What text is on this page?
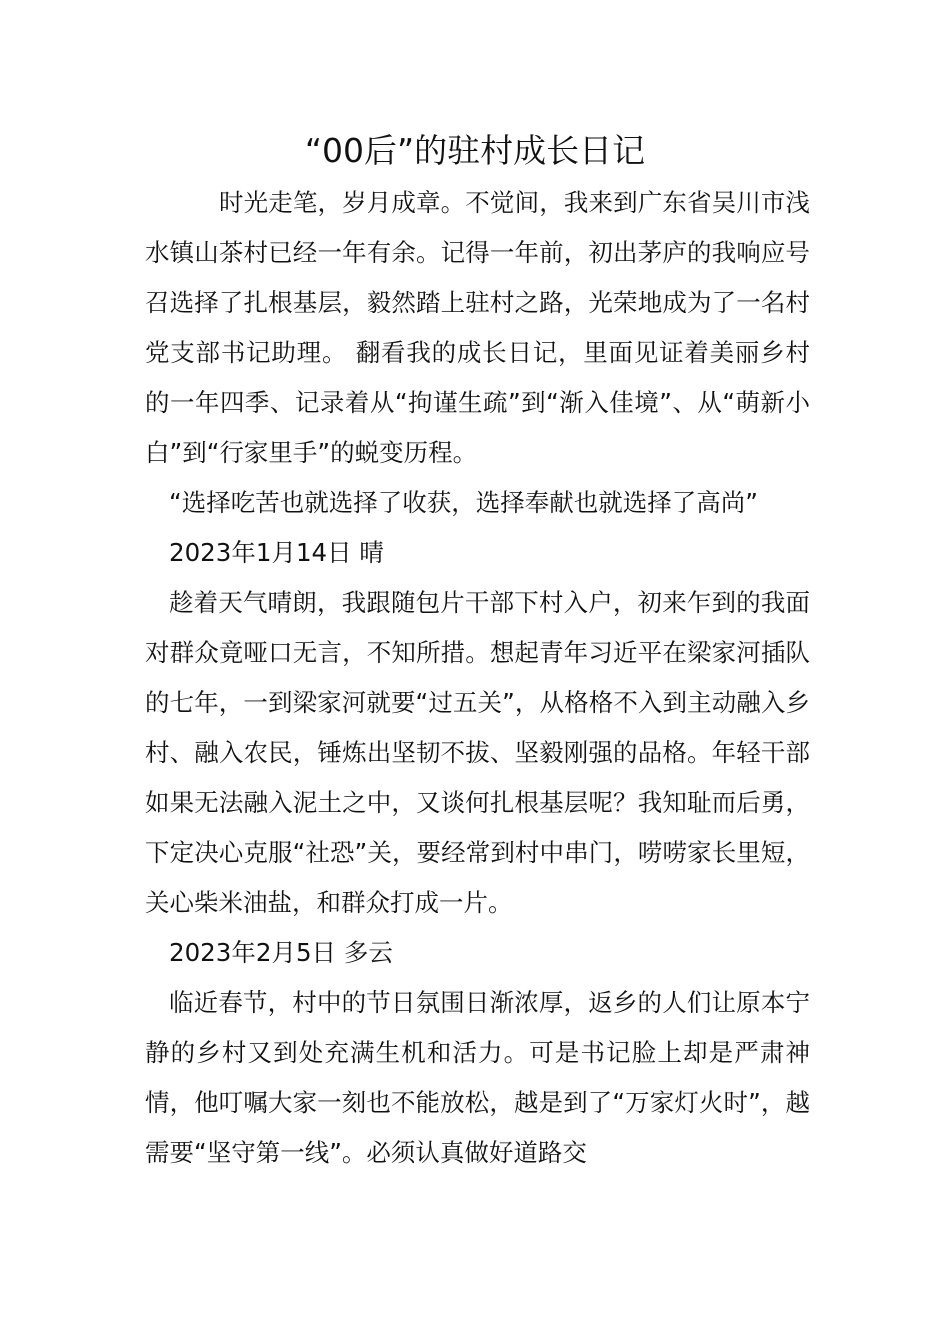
“00后”的驻村成长日记

时光走笔，岁月成章。不觉间，我来到广东省吴川市浅水镇山茶村已经一年有余。记得一年前，初出茅庐的我响应号召选择了扎根基层，毅然踏上驻村之路，光荣地成为了一名村党支部书记助理。 翻看我的成长日记，里面见证着美丽乡村的一年四季、记录着从“拘谨生疏”到“渐入佳境”、从“萌新小白”到“行家里手”的蜕变历程。

“选择吃苦也就选择了收获，选择奉献也就选择了高尚”

2023年1月14日 晴

趁着天气晴朗，我跟随包片干部下村入户，初来乍到的我面对群众竟哑口无言，不知所措。想起青年习近平在梁家河插队的七年，一到梁家河就要“过五关”，从格格不入到主动融入乡村、融入农民，锤炼出坚韧不拔、坚毅刚强的品格。年轻干部如果无法融入泥土之中，又谈何扎根基层呢？我知耻而后勇，下定决心克服“社恐”关，要经常到村中串门，唠唠家长里短，关心柴米油盐，和群众打成一片。

2023年2月5日 多云

临近春节，村中的节日氛围日渐浓厚，返乡的人们让原本宁静的乡村又到处充满生机和活力。可是书记脸上却是严肃神情，他叮嘱大家一刻也不能放松，越是到了“万家灯火时”，越需要“坚守第一线”。必须认真做好道路交
